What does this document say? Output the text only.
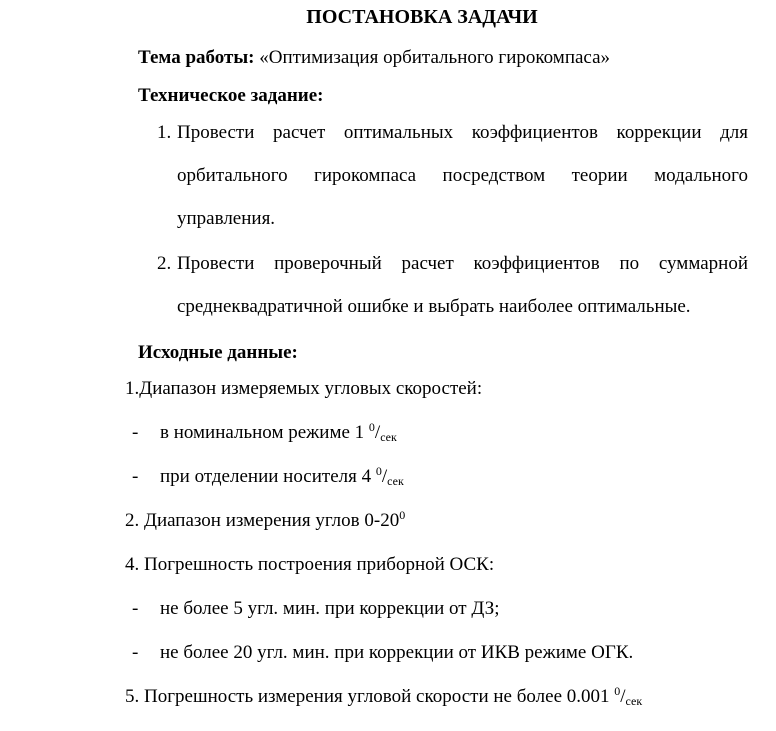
ПОСТАНОВКА ЗАДАЧИ
Тема работы: «Оптимизация орбитального гирокомпаса»
Техническое задание:
1. Провести расчет оптимальных коэффициентов коррекции для
орбитального гирокомпаса посредством теории модального
управления.
2. Провести проверочный расчет коэффициентов по суммарной
среднеквадратичной ошибке и выбрать наиболее оптимальные.
Исходные данные:
1.Диапазон измеряемых угловых скоростей:
- в номинальном режиме 1 $^0/_{сек}$
- при отделении носителя 4 $^0/_{сек}$
2. Диапазон измерения углов $0-20^0$
4. Погрешность построения приборной ОСК:
- не более 5 угл. мин. при коррекции от ДЗ;
- не более 20 угл. мин. при коррекции от ИКВ режиме ОГК.
5. Погрешность измерения угловой скорости не более 0.001 $^0/_{сек}$
